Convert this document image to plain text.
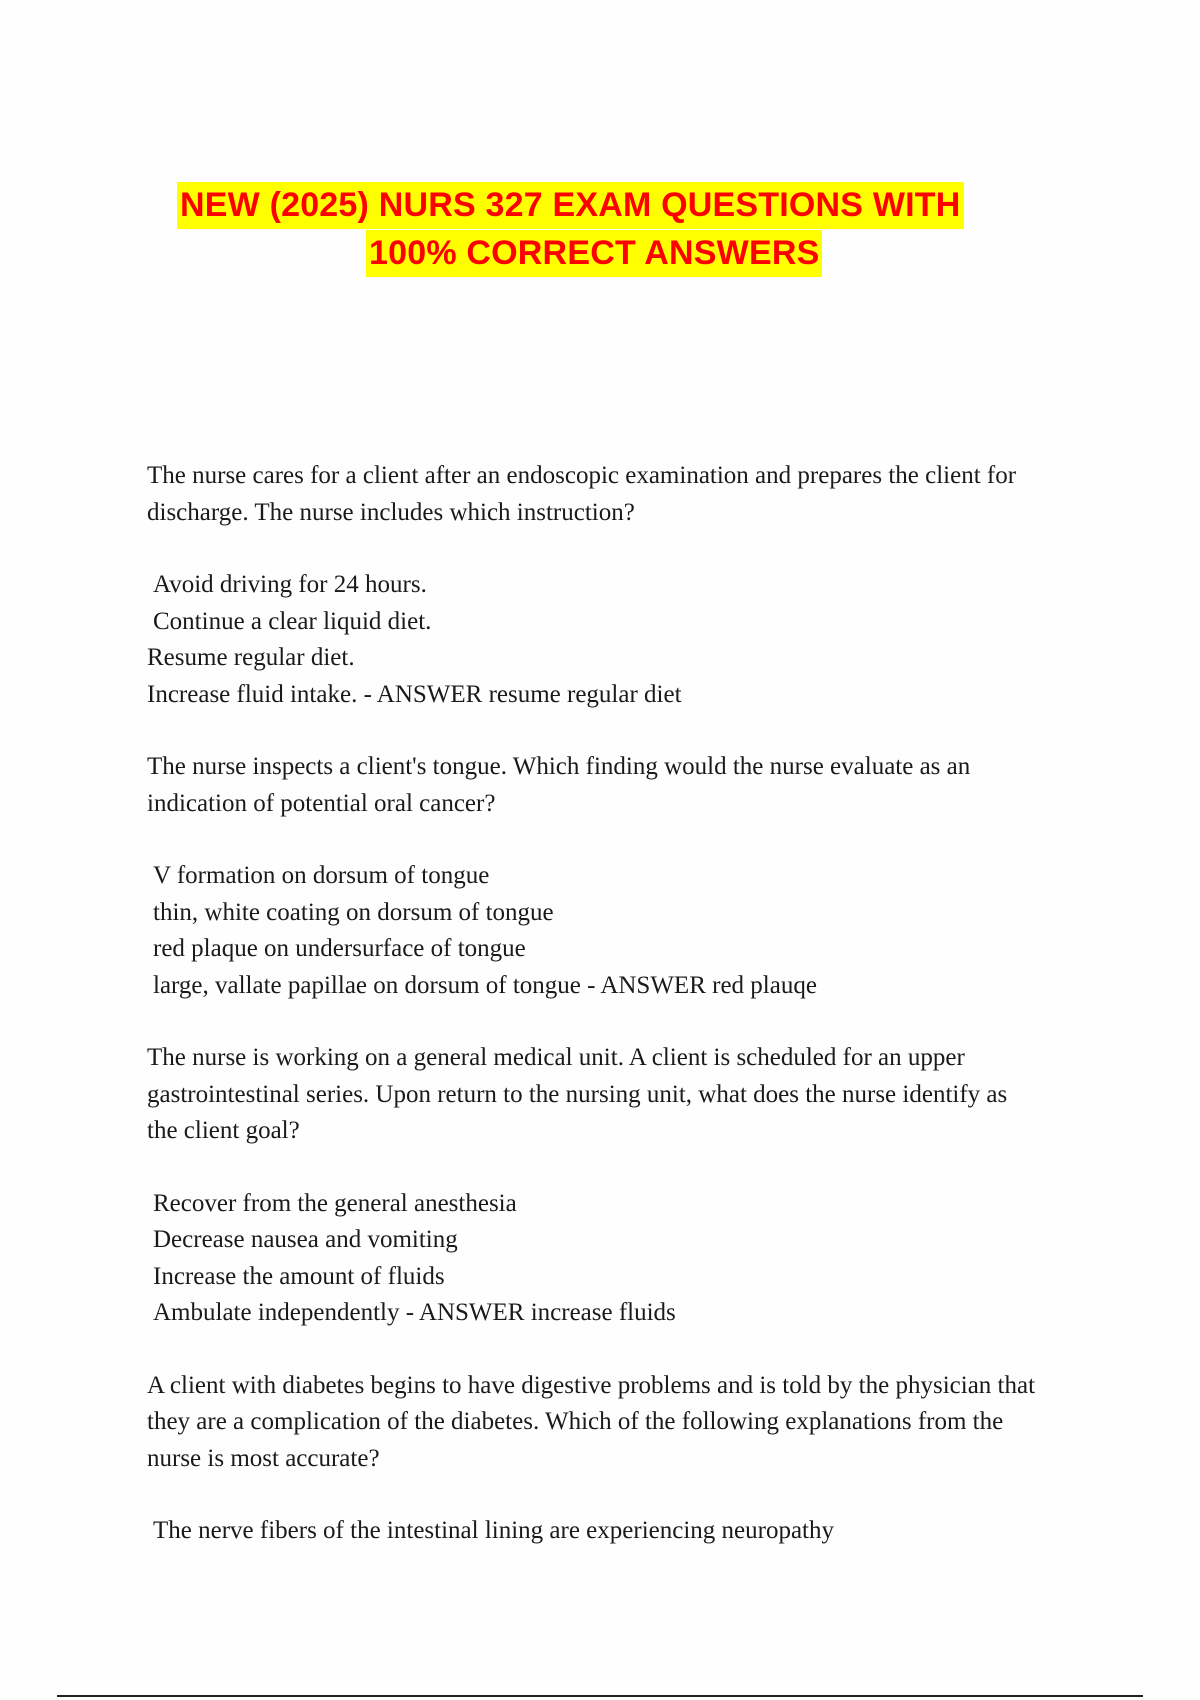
NEW (2025) NURS 327 EXAM QUESTIONS WITH
100% CORRECT ANSWERS

The nurse cares for a client after an endoscopic examination and prepares the client for discharge. The nurse includes which instruction?

Avoid driving for 24 hours.
Continue a clear liquid diet.
Resume regular diet.
Increase fluid intake. - ANSWER resume regular diet

The nurse inspects a client's tongue. Which finding would the nurse evaluate as an indication of potential oral cancer?

V formation on dorsum of tongue
thin, white coating on dorsum of tongue
red plaque on undersurface of tongue
large, vallate papillae on dorsum of tongue - ANSWER red plauqe

The nurse is working on a general medical unit. A client is scheduled for an upper gastrointestinal series. Upon return to the nursing unit, what does the nurse identify as the client goal?

Recover from the general anesthesia
Decrease nausea and vomiting
Increase the amount of fluids
Ambulate independently - ANSWER increase fluids

A client with diabetes begins to have digestive problems and is told by the physician that they are a complication of the diabetes. Which of the following explanations from the nurse is most accurate?

The nerve fibers of the intestinal lining are experiencing neuropathy
